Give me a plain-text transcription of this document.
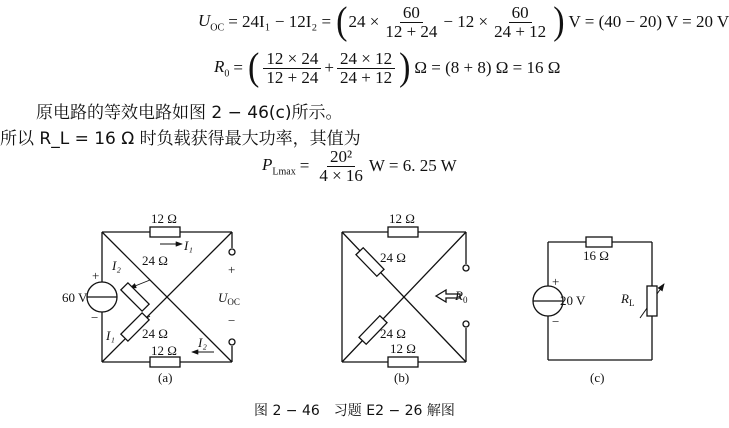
$U_{OC} = 24I_1 - 12I_2$ = ( $24 \times \frac{60}{12 + 24} - 12 \times \frac{60}{24 + 12}$ ) V = (40 − 20) V = 20 V
$R_0$ = ( $\frac{12 \times 24}{12 + 24} + \frac{24 \times 12}{24 + 12}$ ) Ω = (8 + 8) Ω = 16 Ω
原电路的等效电路如图 2 − 46(c)所示。
所以 R_L = 16 Ω 时负载获得最大功率，其值为
$P_{Lmax} = \frac{\text{20²}}{4 \times 16}$ W = 6. 25 W
12 Ω
24 Ω
24 Ω
12 Ω
60 V
+
−
I₁
I₂
I₁	I₂
+
−
$U_{OC}$
(a)
12 Ω
24 Ω
24 Ω
12 Ω
$R_0$
(b)
16 Ω
20 V
+
−
$R_L$
(c)
图 2 − 46　习题 E2 − 26 解图
